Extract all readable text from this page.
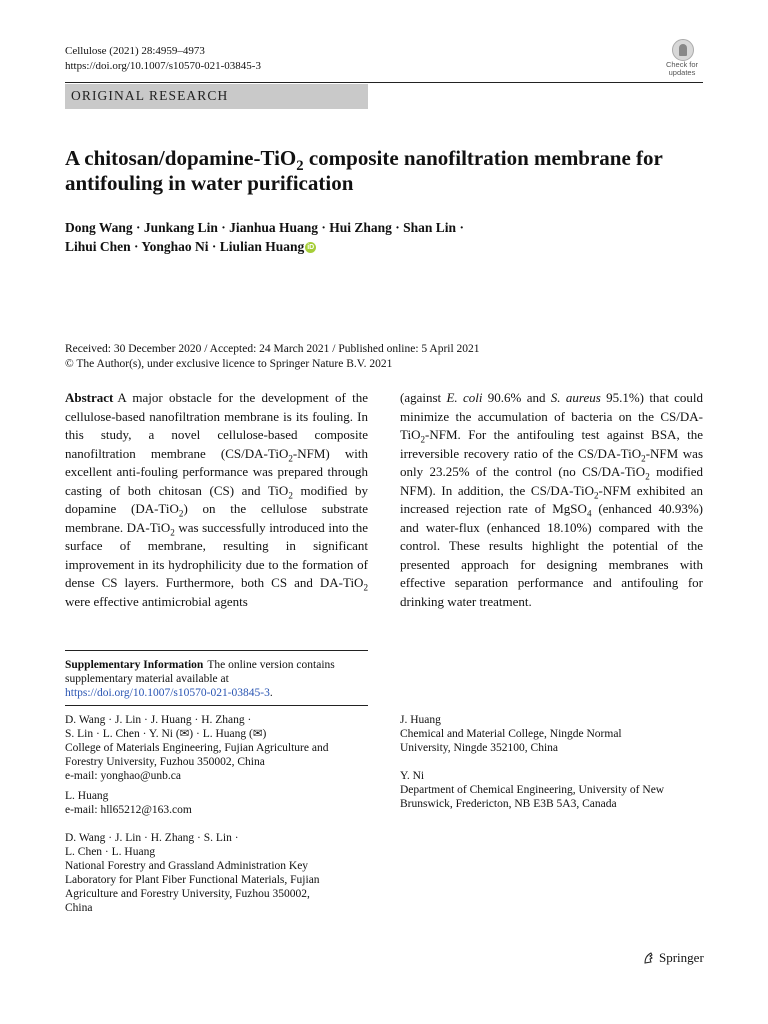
Cellulose (2021) 28:4959–4973
https://doi.org/10.1007/s10570-021-03845-3	Check for
updates
ORIGINAL RESEARCH
A chitosan/dopamine-TiO$_2$ composite nanofiltration membrane for antifouling in water purification
Dong Wang · Junkang Lin · Jianhua Huang · Hui Zhang · Shan Lin ·
Lihui Chen · Yonghao Ni · Liulian Huang iD
Received: 30 December 2020 / Accepted: 24 March 2021 / Published online: 5 April 2021
© The Author(s), under exclusive licence to Springer Nature B.V. 2021

Abstract A major obstacle for the development of the cellulose-based nanofiltration membrane is its fouling. In this study, a novel cellulose-based composite nanofiltration membrane (CS/DA-TiO$_2$-NFM) with excellent anti-fouling performance was prepared through casting of both chitosan (CS) and TiO$_2$ modified by dopamine (DA-TiO$_2$) on the cellulose substrate membrane. DA-TiO$_2$ was successfully introduced into the surface of membrane, resulting in significant improvement in its hydrophilicity due to the formation of dense CS layers. Furthermore, both CS and DA-TiO$_2$ were effective antimicrobial agents

(against E. coli 90.6% and S. aureus 95.1%) that could minimize the accumulation of bacteria on the CS/DA-TiO$_2$-NFM. For the antifouling test against BSA, the irreversible recovery ratio of the CS/DA-TiO$_2$-NFM was only 23.25% of the control (no CS/DA-TiO$_2$ modified NFM). In addition, the CS/DA-TiO$_2$-NFM exhibited an increased rejection rate of MgSO$_4$ (enhanced 40.93%) and water-flux (enhanced 18.10%) compared with the control. These results highlight the potential of the presented approach for designing membranes with effective separation performance and antifouling for drinking water treatment.

Supplementary Information The online version contains supplementary material available at https://doi.org/10.1007/s10570-021-03845-3.
D. Wang · J. Lin · J. Huang · H. Zhang ·
S. Lin · L. Chen · Y. Ni (✉) · L. Huang (✉)
College of Materials Engineering, Fujian Agriculture and
Forestry University, Fuzhou 350002, China
e-mail: yonghao@unb.ca
L. Huang
e-mail: hll65212@163.com
D. Wang · J. Lin · H. Zhang · S. Lin ·
L. Chen · L. Huang
National Forestry and Grassland Administration Key
Laboratory for Plant Fiber Functional Materials, Fujian
Agriculture and Forestry University, Fuzhou 350002,
China
J. Huang
Chemical and Material College, Ningde Normal
University, Ningde 352100, China
Y. Ni
Department of Chemical Engineering, University of New
Brunswick, Fredericton, NB E3B 5A3, Canada
Springer
